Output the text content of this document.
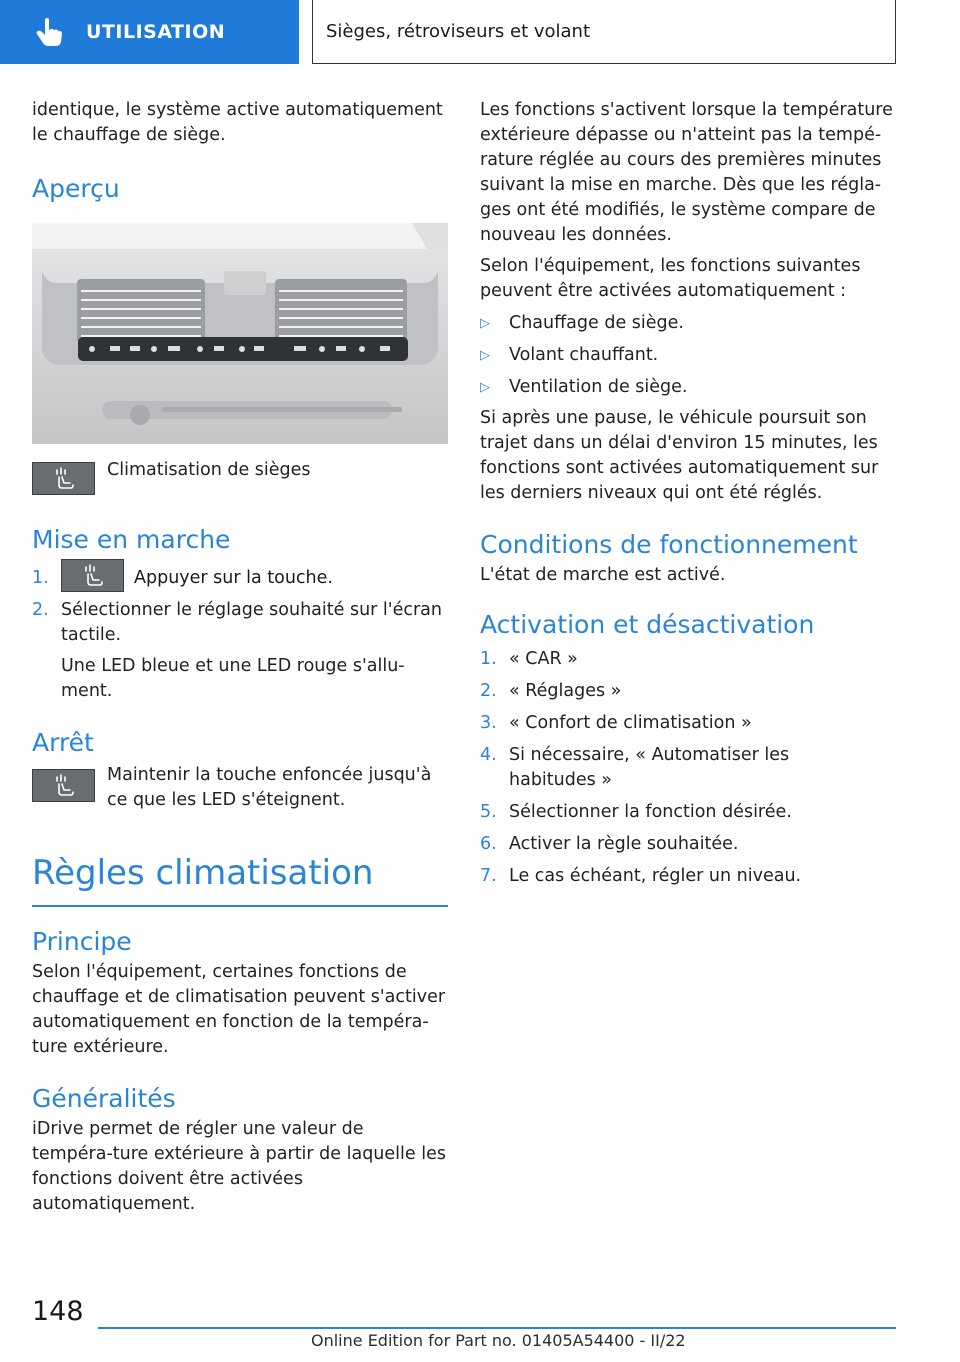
UTILISATION	Sièges, rétroviseurs et volant

identique, le système active automatiquement le chauffage de siège.

Aperçu

Climatisation de sièges

Mise en marche
1.	Appuyer sur la touche.
2. Sélectionner le réglage souhaité sur l'écran tactile.

Une LED bleue et une LED rouge s'allu-ment.

Arrêt

Maintenir la touche enfoncée jusqu'à ce que les LED s'éteignent.

Règles climatisation
Principe

Selon l'équipement, certaines fonctions de chauffage et de climatisation peuvent s'activer automatiquement en fonction de la tempéra-ture extérieure.

Généralités

iDrive permet de régler une valeur de tempéra-ture extérieure à partir de laquelle les fonctions doivent être activées automatiquement.

Les fonctions s'activent lorsque la température extérieure dépasse ou n'atteint pas la tempé-rature réglée au cours des premières minutes suivant la mise en marche. Dès que les régla-ges ont été modifiés, le système compare de nouveau les données.

Selon l'équipement, les fonctions suivantes peuvent être activées automatiquement :

▷	Chauffage de siège.

▷	Volant chauffant.

▷	Ventilation de siège.

Si après une pause, le véhicule poursuit son trajet dans un délai d'environ 15 minutes, les fonctions sont activées automatiquement sur les derniers niveaux qui ont été réglés.

Conditions de fonctionnement

L'état de marche est activé.

Activation et désactivation
1. « CAR »

2. « Réglages »

3. « Confort de climatisation »

4. Si nécessaire, « Automatiser les habitudes »

5. Sélectionner la fonction désirée.

6. Activer la règle souhaitée.

7. Le cas échéant, régler un niveau.

148
Online Edition for Part no. 01405A54400 - II/22
